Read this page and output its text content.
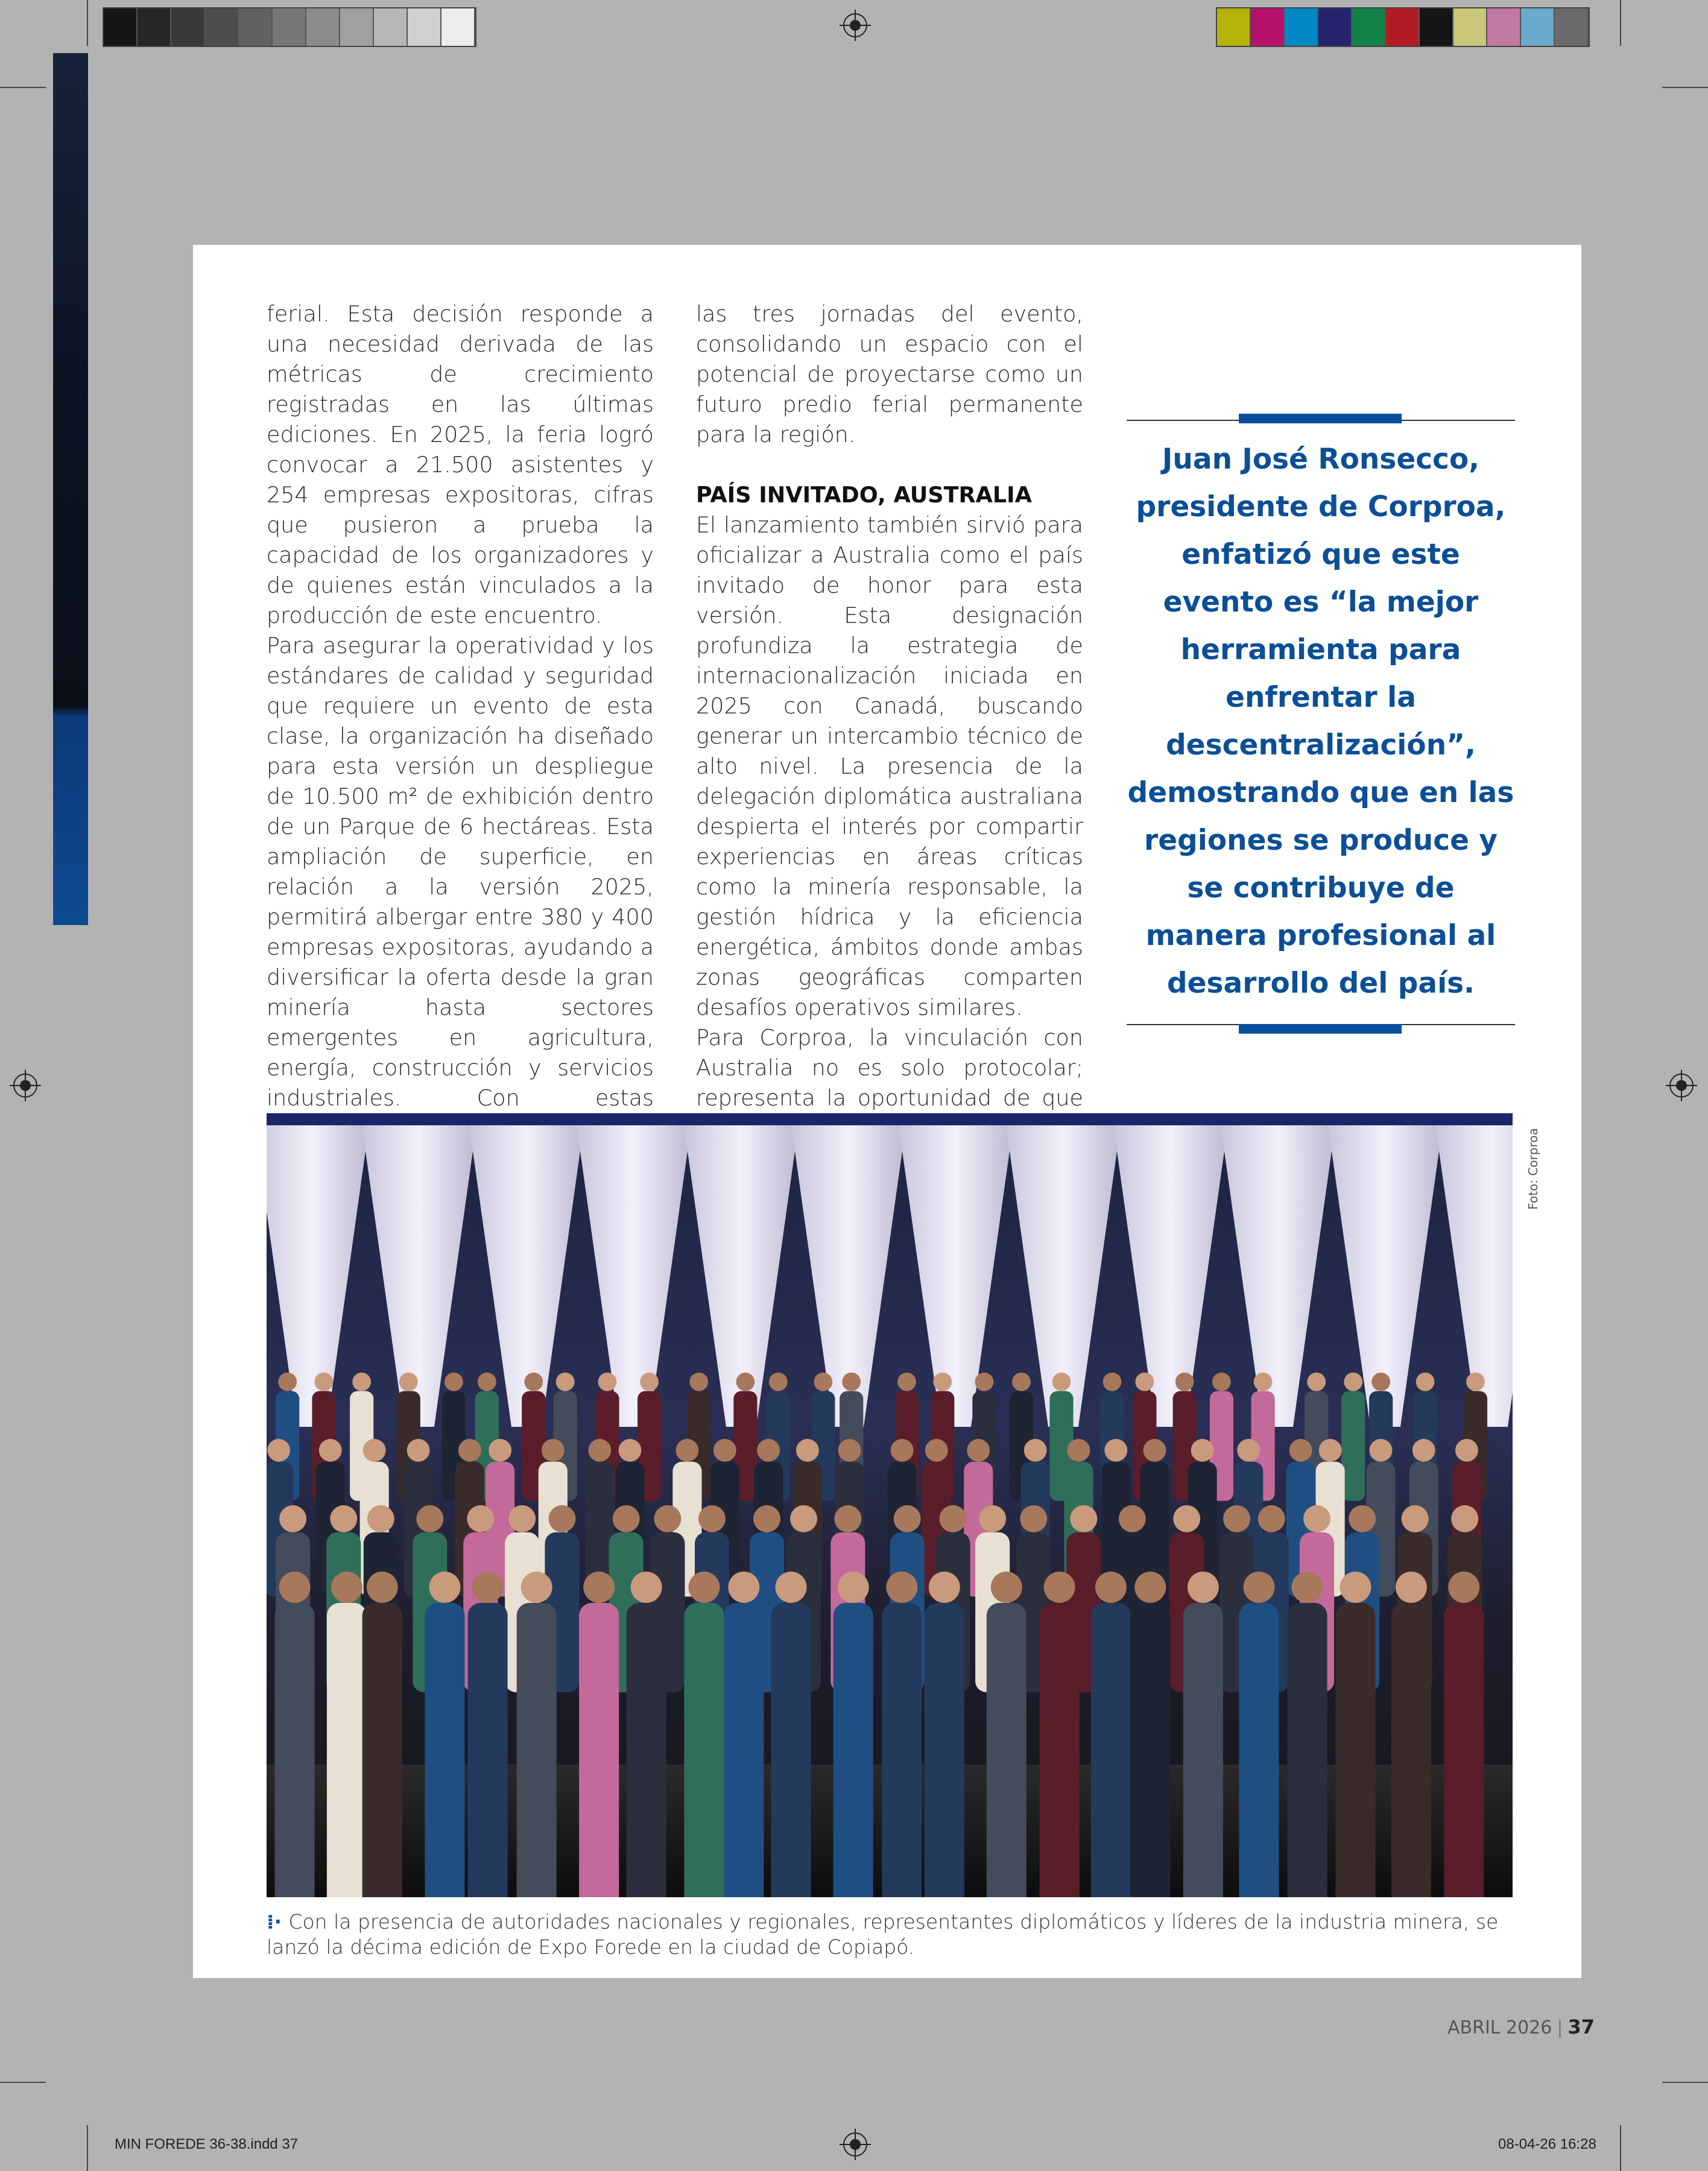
ferial. Esta decisión responde a una necesidad derivada de las métricas de crecimiento registradas en las últimas ediciones. En 2025, la feria logró convocar a 21.500 asistentes y 254 empresas expositoras, cifras que pusieron a prueba la capacidad de los organizadores y de quienes están vinculados a la producción de este encuentro.

Para asegurar la operatividad y los estándares de calidad y seguridad que requiere un evento de esta clase, la organización ha diseñado para esta versión un despliegue de 10.500 m² de exhibición dentro de un Parque de 6 hectáreas. Esta ampliación de superficie, en relación a la versión 2025, permitirá albergar entre 380 y 400 empresas expositoras, ayudando a diversificar la oferta desde la gran minería hasta sectores emergentes en agricultura, energía, construcción y servicios industriales. Con estas

las tres jornadas del evento, consolidando un espacio con el potencial de proyectarse como un futuro predio ferial permanente para la región.

PAÍS INVITADO, AUSTRALIA

El lanzamiento también sirvió para oficializar a Australia como el país invitado de honor para esta versión. Esta designación profundiza la estrategia de internacionalización iniciada en 2025 con Canadá, buscando generar un intercambio técnico de alto nivel. La presencia de la delegación diplomática australiana despierta el interés por compartir experiencias en áreas críticas como la minería responsable, la gestión hídrica y la eficiencia energética, ámbitos donde ambas zonas geográficas comparten desafíos operativos similares.

Para Corproa, la vinculación con Australia no es solo protocolar; representa la oportunidad de que

Juan José Ronsecco, presidente de Corproa, enfatizó que este evento es “la mejor herramienta para enfrentar la descentralización”, demostrando que en las regiones se produce y se contribuye de manera profesional al desarrollo del país.
Foto: Corproa
⁞· Con la presencia de autoridades nacionales y regionales, representantes diplomáticos y líderes de la industria minera, se lanzó la décima edición de Expo Forede en la ciudad de Copiapó.
ABRIL 2026 | 37
MIN FOREDE 36-38.indd 37	08-04-26 16:28
